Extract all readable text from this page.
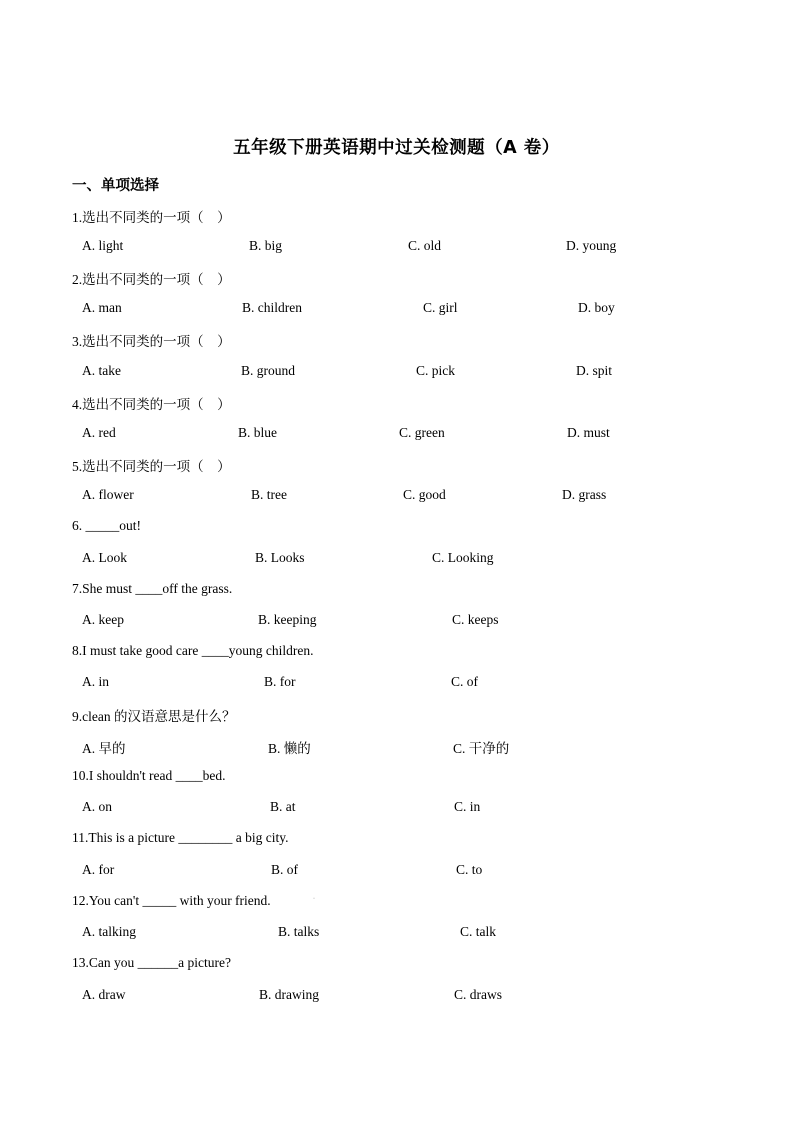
五年级下册英语期中过关检测题（A 卷）
一、单项选择
1.选出不同类的一项（　）
A. light	B. big	C. old	D. young
2.选出不同类的一项（　）
A. man	B. children	C. girl	D. boy
3.选出不同类的一项（　）
A. take	B. ground	C. pick	D. spit
4.选出不同类的一项（　）
A. red	B. blue	C. green	D. must
5.选出不同类的一项（　）
A. flower	B. tree	C. good	D. grass
6. _____out!
A. Look	B. Looks	C. Looking
7.She must ____off the grass.
A. keep	B. keeping	C. keeps
8.I must take good care ____young children.
A. in	B. for	C. of
9.clean 的汉语意思是什么？
A. 早的	B. 懒的	C. 干净的
10.I shouldn't read ____bed.
A. on	B. at	C. in
11.This is a picture ________ a big city.
A. for	B. of	C. to
12.You can't _____ with your friend.	·
A. talking	B. talks	C. talk
13.Can you ______a picture?
A. draw	B. drawing	C. draws
